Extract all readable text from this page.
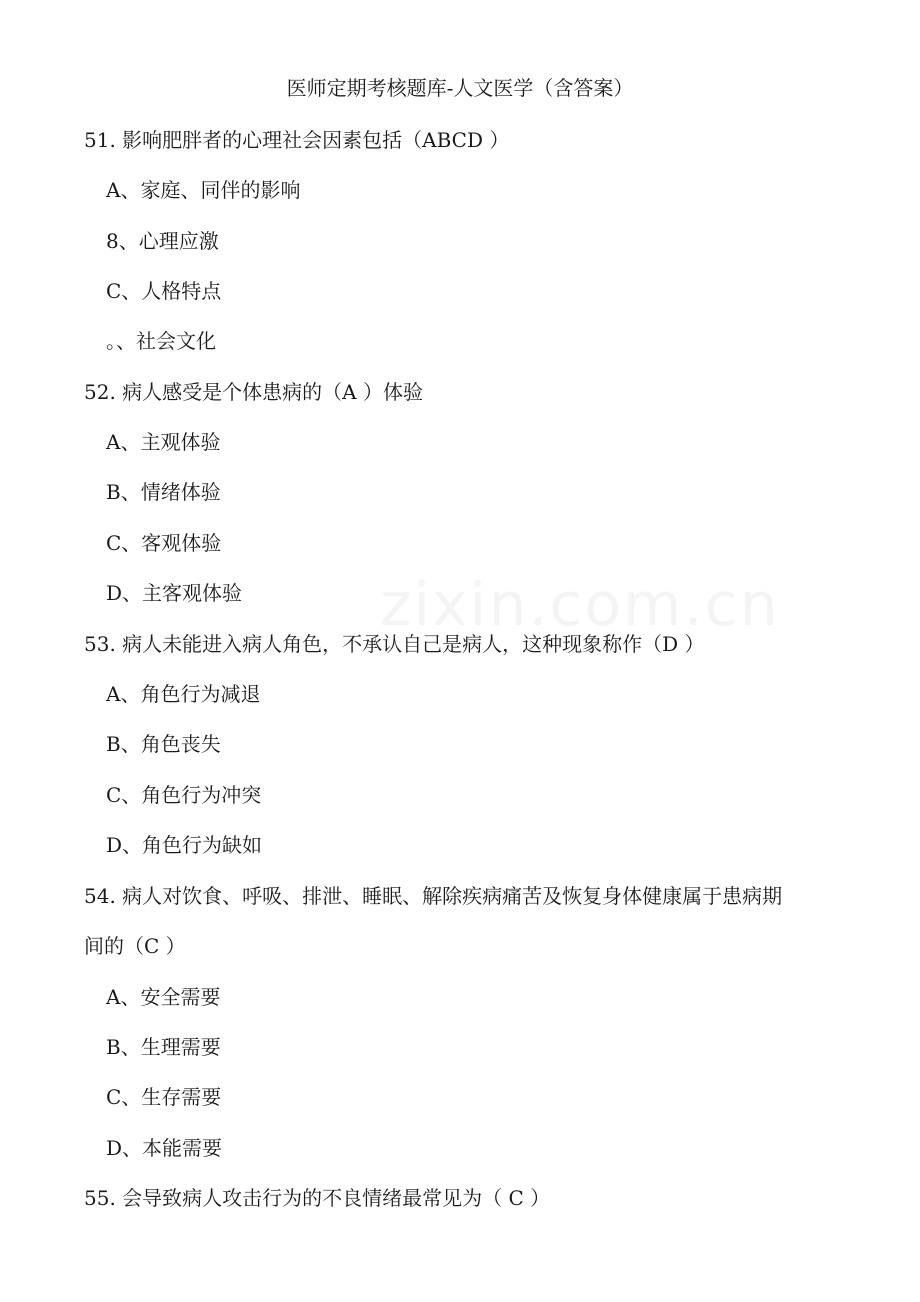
zixin.com.cn
医师定期考核题库-人文医学（含答案）
51. 影响肥胖者的心理社会因素包括（ABCD ）
A、家庭、同伴的影响
8、心理应激
C、人格特点
。、社会文化
52. 病人感受是个体患病的（A ）体验
A、主观体验
B、情绪体验
C、客观体验
D、主客观体验
53. 病人未能进入病人角色，不承认自己是病人，这种现象称作（D ）
A、角色行为减退
B、角色丧失
C、角色行为冲突
D、角色行为缺如
54. 病人对饮食、呼吸、排泄、睡眠、解除疾病痛苦及恢复身体健康属于患病期
间的（C ）
A、安全需要
B、生理需要
C、生存需要
D、本能需要
55. 会导致病人攻击行为的不良情绪最常见为（ C ）
